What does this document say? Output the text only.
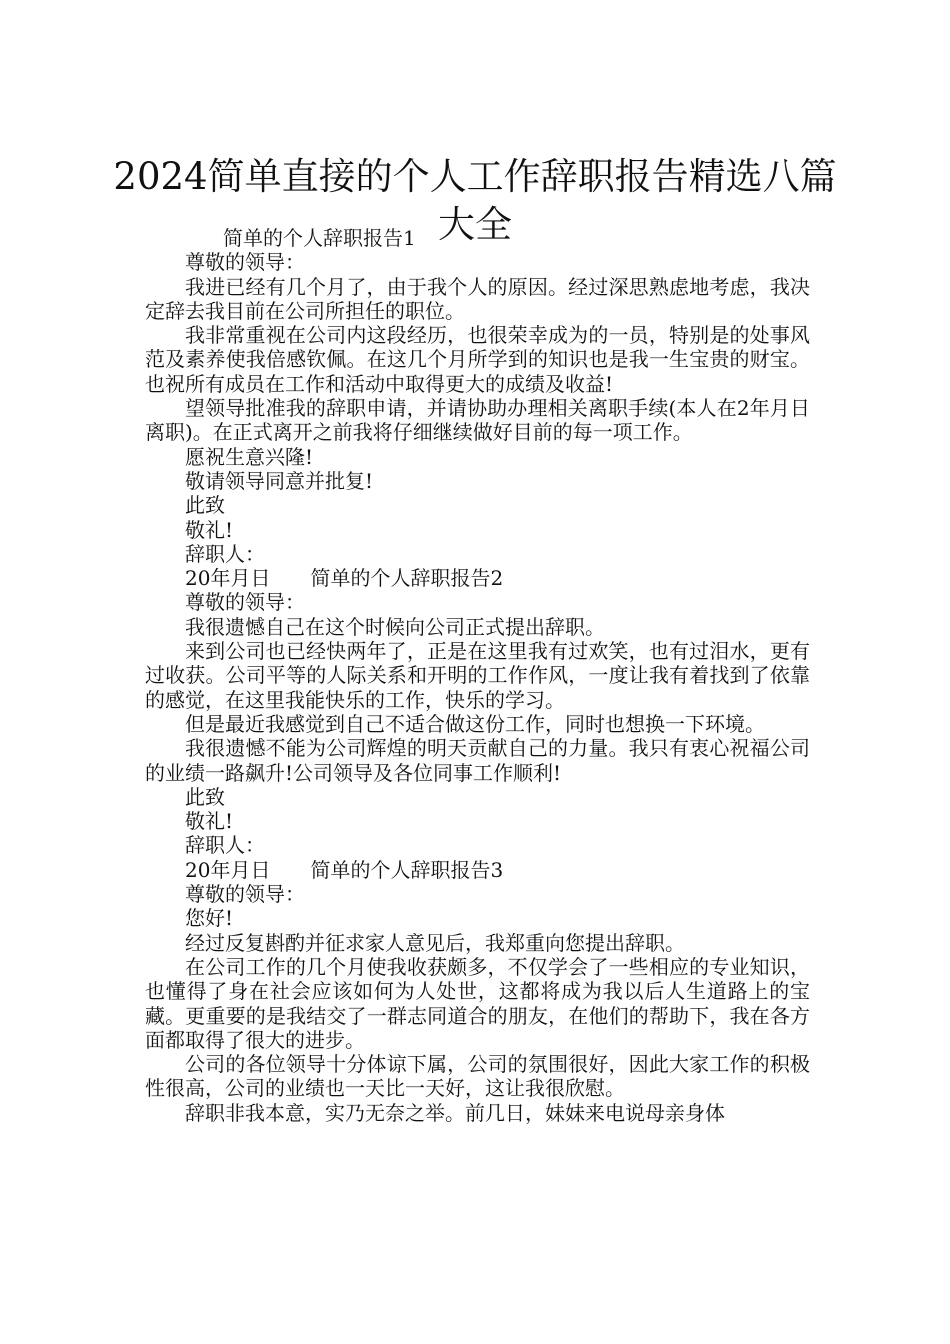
2024简单直接的个人工作辞职报告精选八篇大全

简单的个人辞职报告1

尊敬的领导：

我进已经有几个月了，由于我个人的原因。经过深思熟虑地考虑，我决定辞去我目前在公司所担任的职位。

我非常重视在公司内这段经历，也很荣幸成为的一员，特别是的处事风范及素养使我倍感钦佩。在这几个月所学到的知识也是我一生宝贵的财宝。也祝所有成员在工作和活动中取得更大的成绩及收益!

望领导批准我的辞职申请，并请协助办理相关离职手续(本人在2年月日离职)。在正式离开之前我将仔细继续做好目前的每一项工作。

愿祝生意兴隆!

敬请领导同意并批复!

此致

敬礼!

辞职人：

20年月日　　简单的个人辞职报告2

尊敬的领导：

我很遗憾自己在这个时候向公司正式提出辞职。

来到公司也已经快两年了，正是在这里我有过欢笑，也有过泪水，更有过收获。公司平等的人际关系和开明的工作作风，一度让我有着找到了依靠的感觉，在这里我能快乐的工作，快乐的学习。

但是最近我感觉到自己不适合做这份工作，同时也想换一下环境。

我很遗憾不能为公司辉煌的明天贡献自己的力量。我只有衷心祝福公司的业绩一路飙升!公司领导及各位同事工作顺利!

此致

敬礼!

辞职人：

20年月日　　简单的个人辞职报告3

尊敬的领导：

您好!

经过反复斟酌并征求家人意见后，我郑重向您提出辞职。

在公司工作的几个月使我收获颇多，不仅学会了一些相应的专业知识，也懂得了身在社会应该如何为人处世，这都将成为我以后人生道路上的宝藏。更重要的是我结交了一群志同道合的朋友，在他们的帮助下，我在各方面都取得了很大的进步。

公司的各位领导十分体谅下属，公司的氛围很好，因此大家工作的积极性很高，公司的业绩也一天比一天好，这让我很欣慰。

辞职非我本意，实乃无奈之举。前几日，妹妹来电说母亲身体
